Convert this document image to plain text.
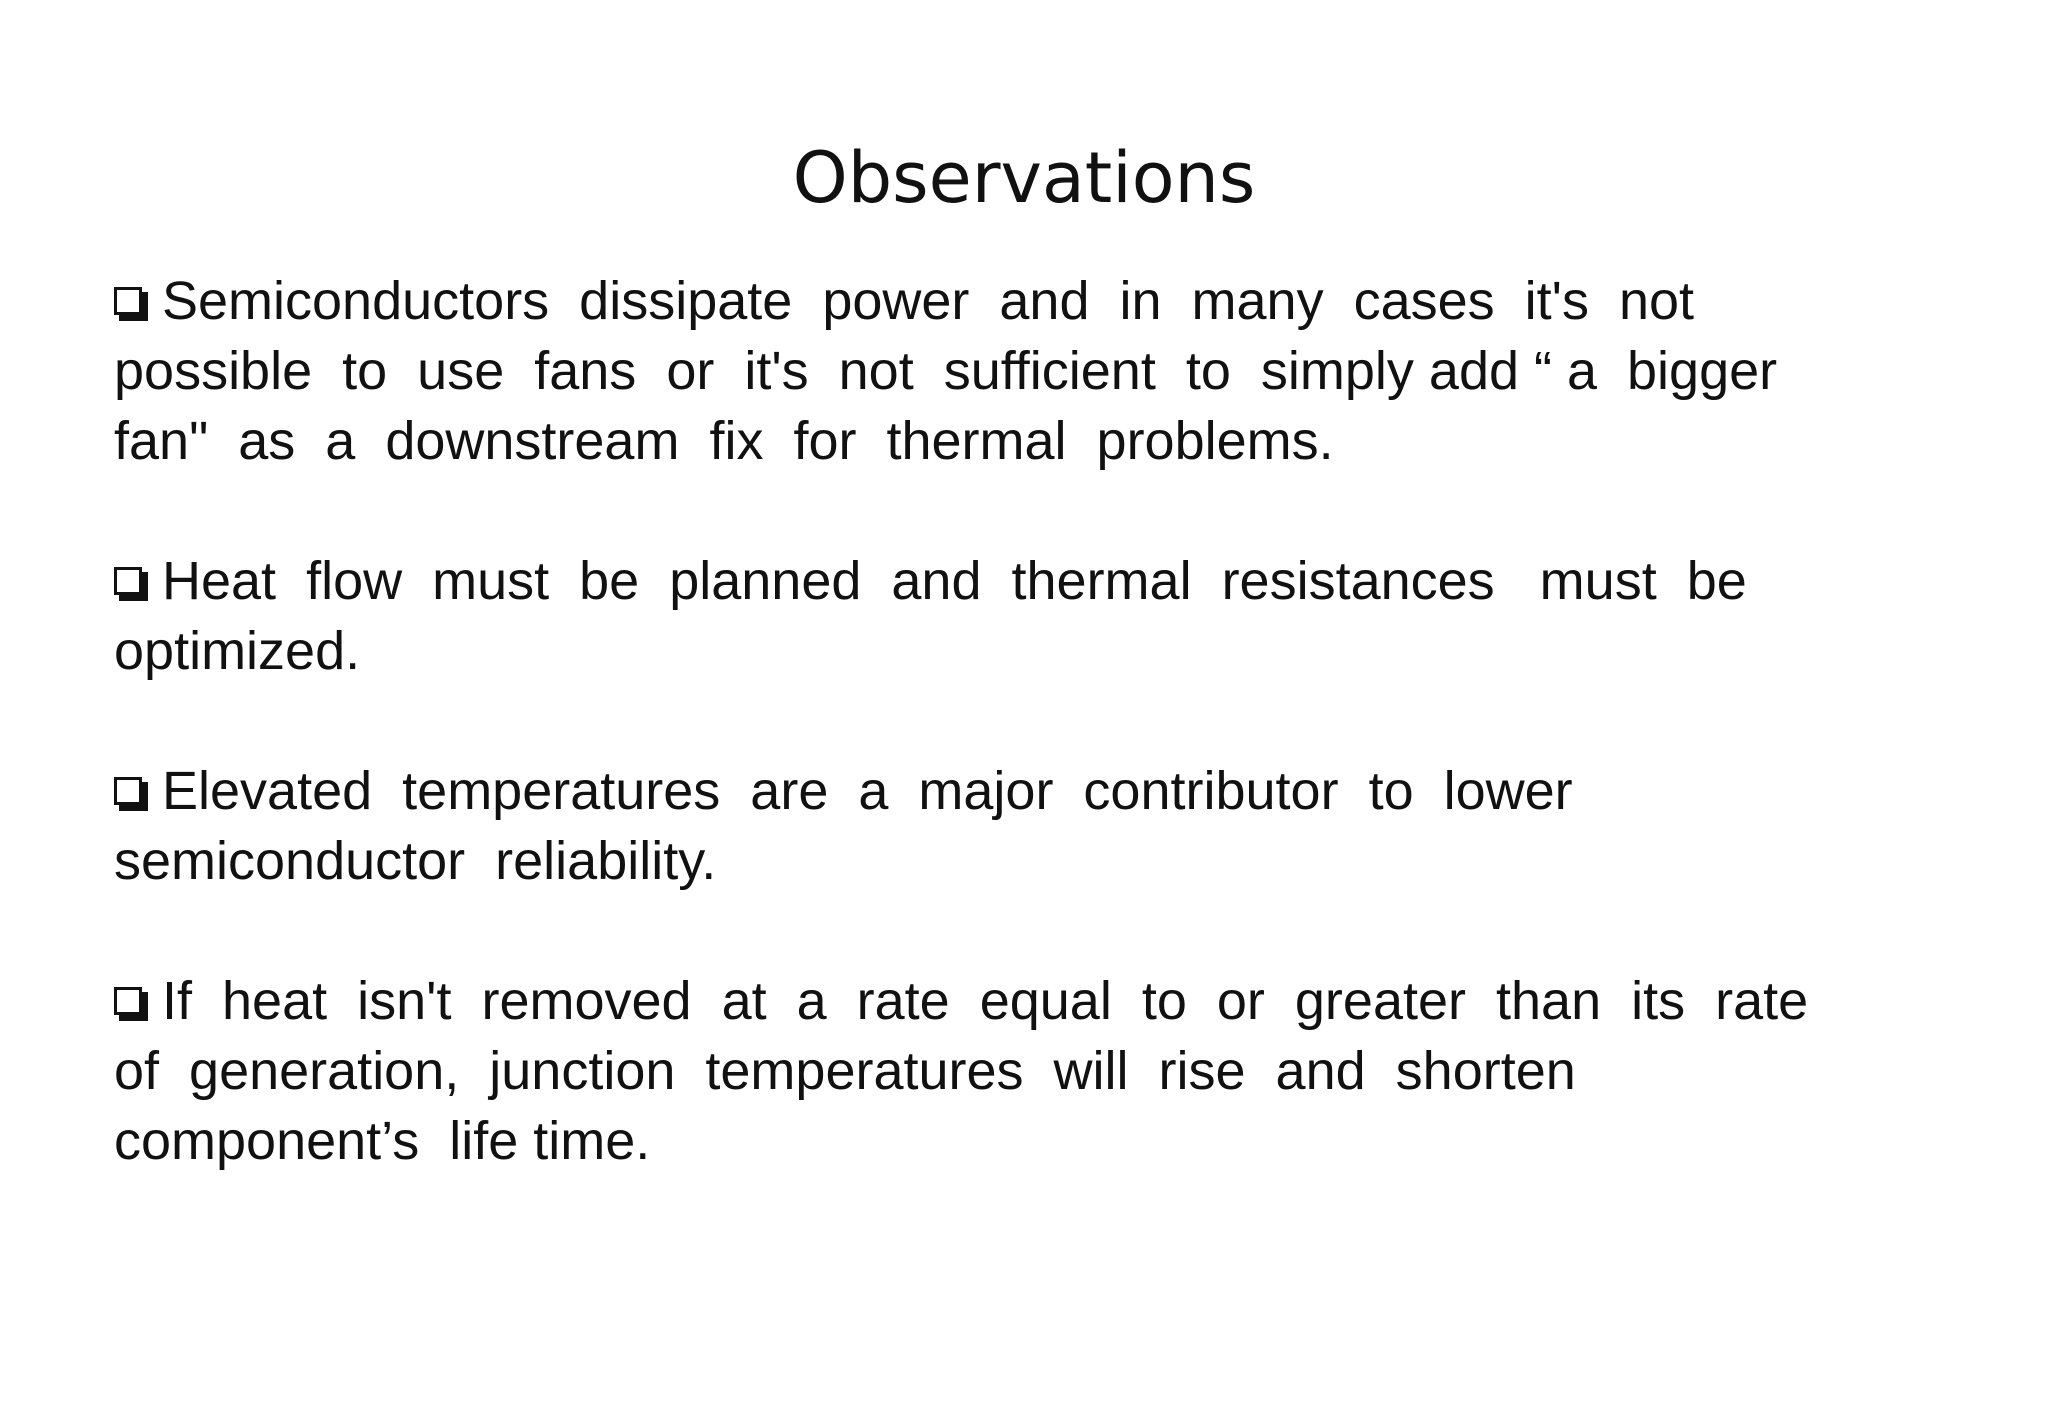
Observations
Semiconductors  dissipate  power  and  in  many  cases  it's  not
possible  to  use  fans  or  it's  not  sufficient  to  simply add “ a  bigger
fan"  as  a  downstream  fix  for  thermal  problems.
Heat  flow  must  be  planned  and  thermal  resistances   must  be
optimized.
Elevated  temperatures  are  a  major  contributor  to  lower
semiconductor  reliability.
If  heat  isn't  removed  at  a  rate  equal  to  or  greater  than  its  rate
of  generation,  junction  temperatures  will  rise  and  shorten
component’s  life time.
